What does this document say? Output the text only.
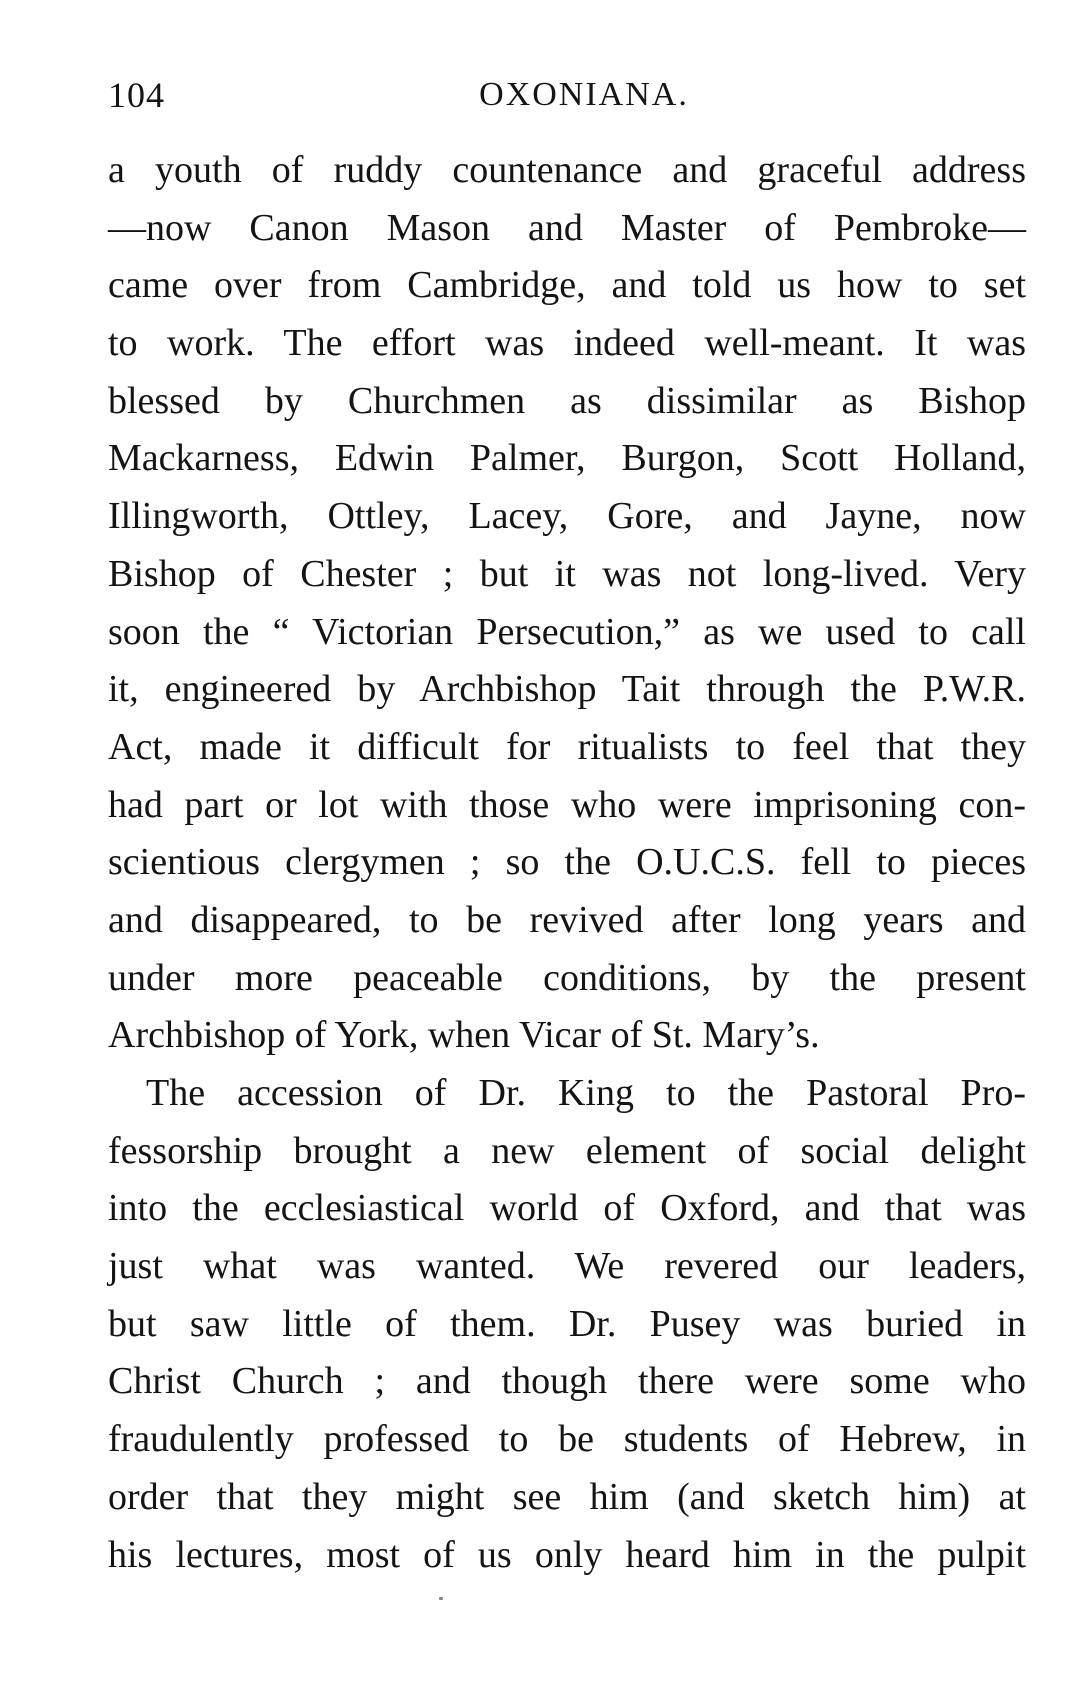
104	OXONIANA.
a youth of ruddy countenance and graceful address
—now Canon Mason and Master of Pembroke—
came over from Cambridge, and told us how to set
to work. The effort was indeed well-meant. It was
blessed by Churchmen as dissimilar as Bishop
Mackarness, Edwin Palmer, Burgon, Scott Holland,
Illingworth, Ottley, Lacey, Gore, and Jayne, now
Bishop of Chester ; but it was not long-lived. Very
soon the “ Victorian Persecution,” as we used to call
it, engineered by Archbishop Tait through the P.W.R.
Act, made it difficult for ritualists to feel that they
had part or lot with those who were imprisoning con-
scientious clergymen ; so the O.U.C.S. fell to pieces
and disappeared, to be revived after long years and
under more peaceable conditions, by the present
Archbishop of York, when Vicar of St. Mary’s.
The accession of Dr. King to the Pastoral Pro-
fessorship brought a new element of social delight
into the ecclesiastical world of Oxford, and that was
just what was wanted. We revered our leaders,
but saw little of them. Dr. Pusey was buried in
Christ Church ; and though there were some who
fraudulently professed to be students of Hebrew, in
order that they might see him (and sketch him) at
his lectures, most of us only heard him in the pulpit
